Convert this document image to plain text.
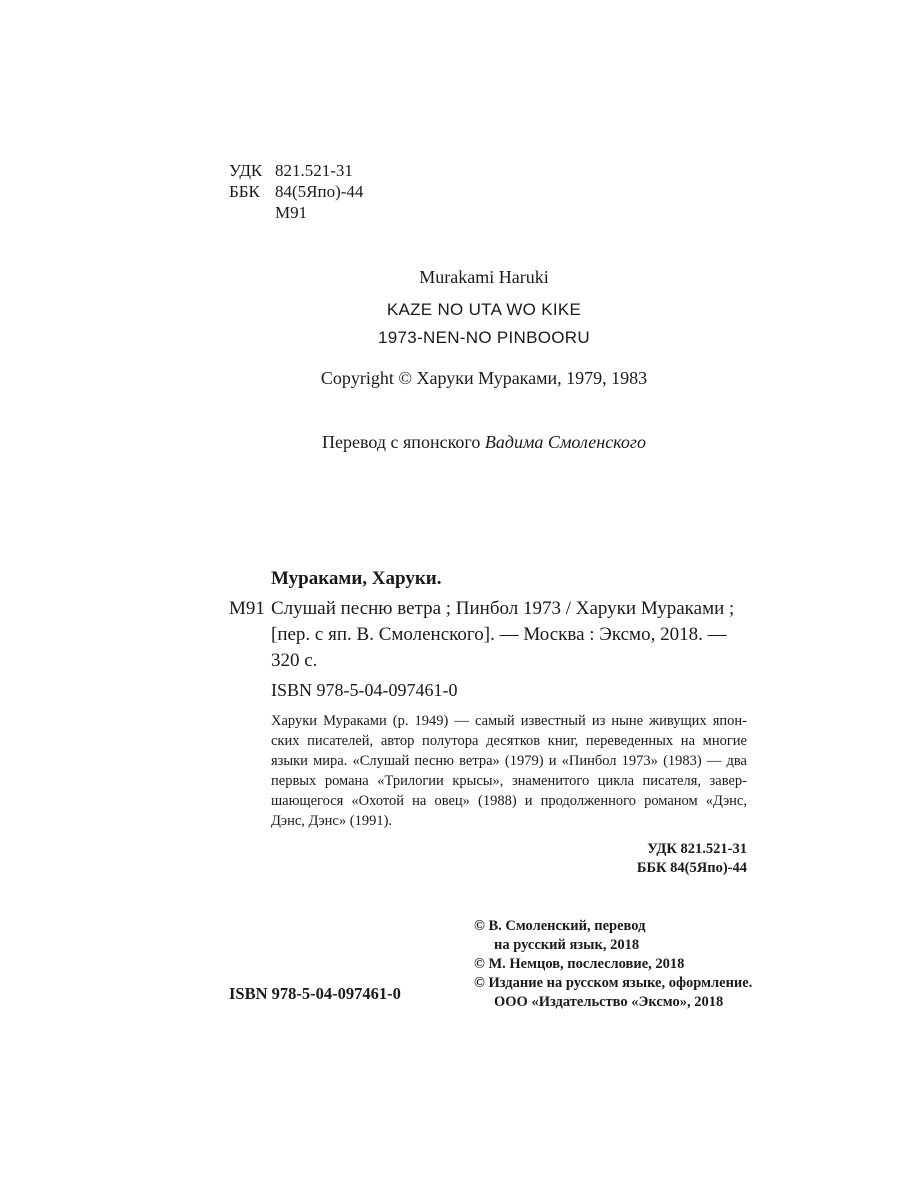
УДК 821.521-31
ББК 84(5Япо)-44
М91
Murakami Haruki
KAZE NO UTA WO KIKE
1973-NEN-NO PINBOORU
Copyright © Харуки Мураками, 1979, 1983
Перевод с японского Вадима Смоленского
Мураками, Харуки.
М91 Слушай песню ветра ; Пинбол 1973 / Харуки Мураками ;
[пер. с яп. В. Смоленского]. — Москва : Эксмо, 2018. —
320 с.
ISBN 978-5-04-097461-0
Харуки Мураками (р. 1949) — самый известный из ныне живущих япон-
ских писателей, автор полутора десятков книг, переведенных на многие
языки мира. «Слушай песню ветра» (1979) и «Пинбол 1973» (1983) — два
первых романа «Трилогии крысы», знаменитого цикла писателя, завер-
шающегося «Охотой на овец» (1988) и продолженного романом «Дэнс,
Дэнс, Дэнс» (1991).
УДК 821.521-31
ББК 84(5Япо)-44
ISBN 978-5-04-097461-0
© В. Смоленский, перевод
на русский язык, 2018
© М. Немцов, послесловие, 2018
© Издание на русском языке, оформление.
ООО «Издательство «Эксмо», 2018
